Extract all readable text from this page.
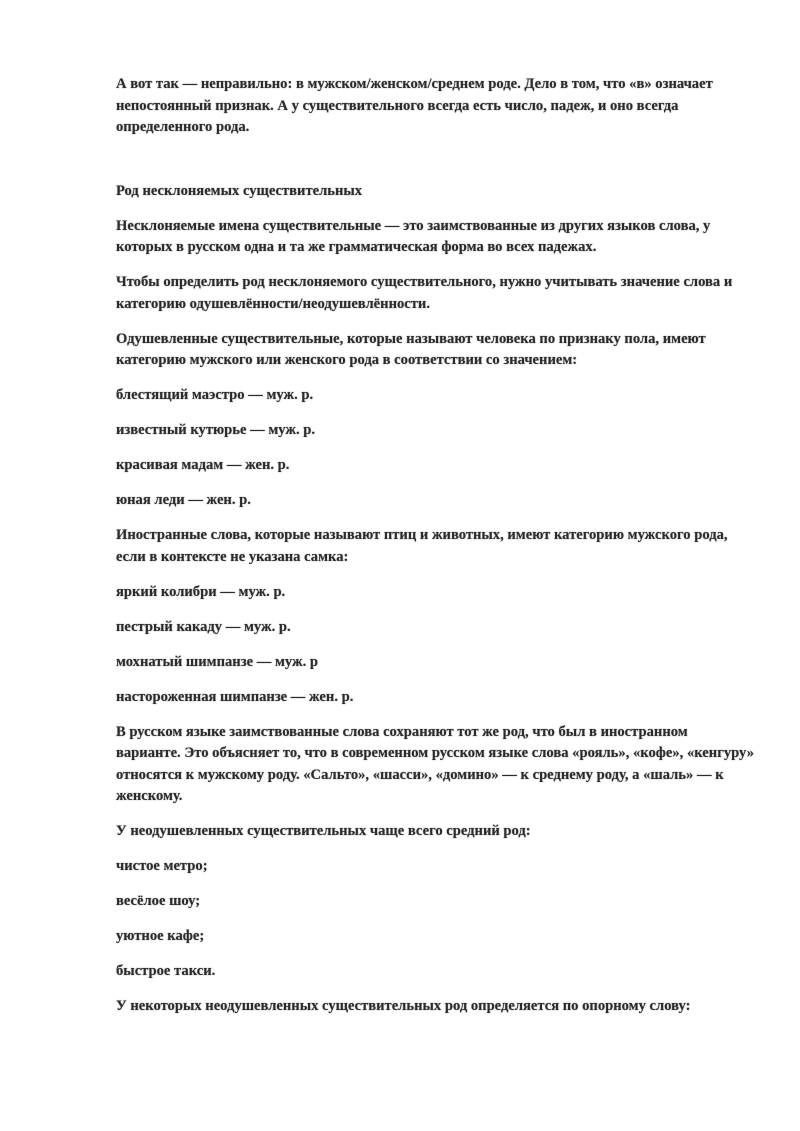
А вот так — неправильно: в мужском/женском/среднем роде. Дело в том, что «в» означает непостоянный признак. А у существительного всегда есть число, падеж, и оно всегда определенного рода.

Род несклоняемых существительных

Несклоняемые имена существительные — это заимствованные из других языков слова, у которых в русском одна и та же грамматическая форма во всех падежах.

Чтобы определить род несклоняемого существительного, нужно учитывать значение слова и категорию одушевлённости/неодушевлённости.

Одушевленные существительные, которые называют человека по признаку пола, имеют категорию мужского или женского рода в соответствии со значением:

блестящий маэстро — муж. р.

известный кутюрье — муж. р.

красивая мадам — жен. р.

юная леди — жен. р.

Иностранные слова, которые называют птиц и животных, имеют категорию мужского рода, если в контексте не указана самка:

яркий колибри — муж. р.

пестрый какаду — муж. р.

мохнатый шимпанзе — муж. р

настороженная шимпанзе — жен. р.

В русском языке заимствованные слова сохраняют тот же род, что был в иностранном варианте. Это объясняет то, что в современном русском языке слова «рояль», «кофе», «кенгуру» относятся к мужскому роду. «Сальто», «шасси», «домино» — к среднему роду, а «шаль» — к женскому.

У неодушевленных существительных чаще всего средний род:

чистое метро;

весёлое шоу;

уютное кафе;

быстрое такси.

У некоторых неодушевленных существительных род определяется по опорному слову:
